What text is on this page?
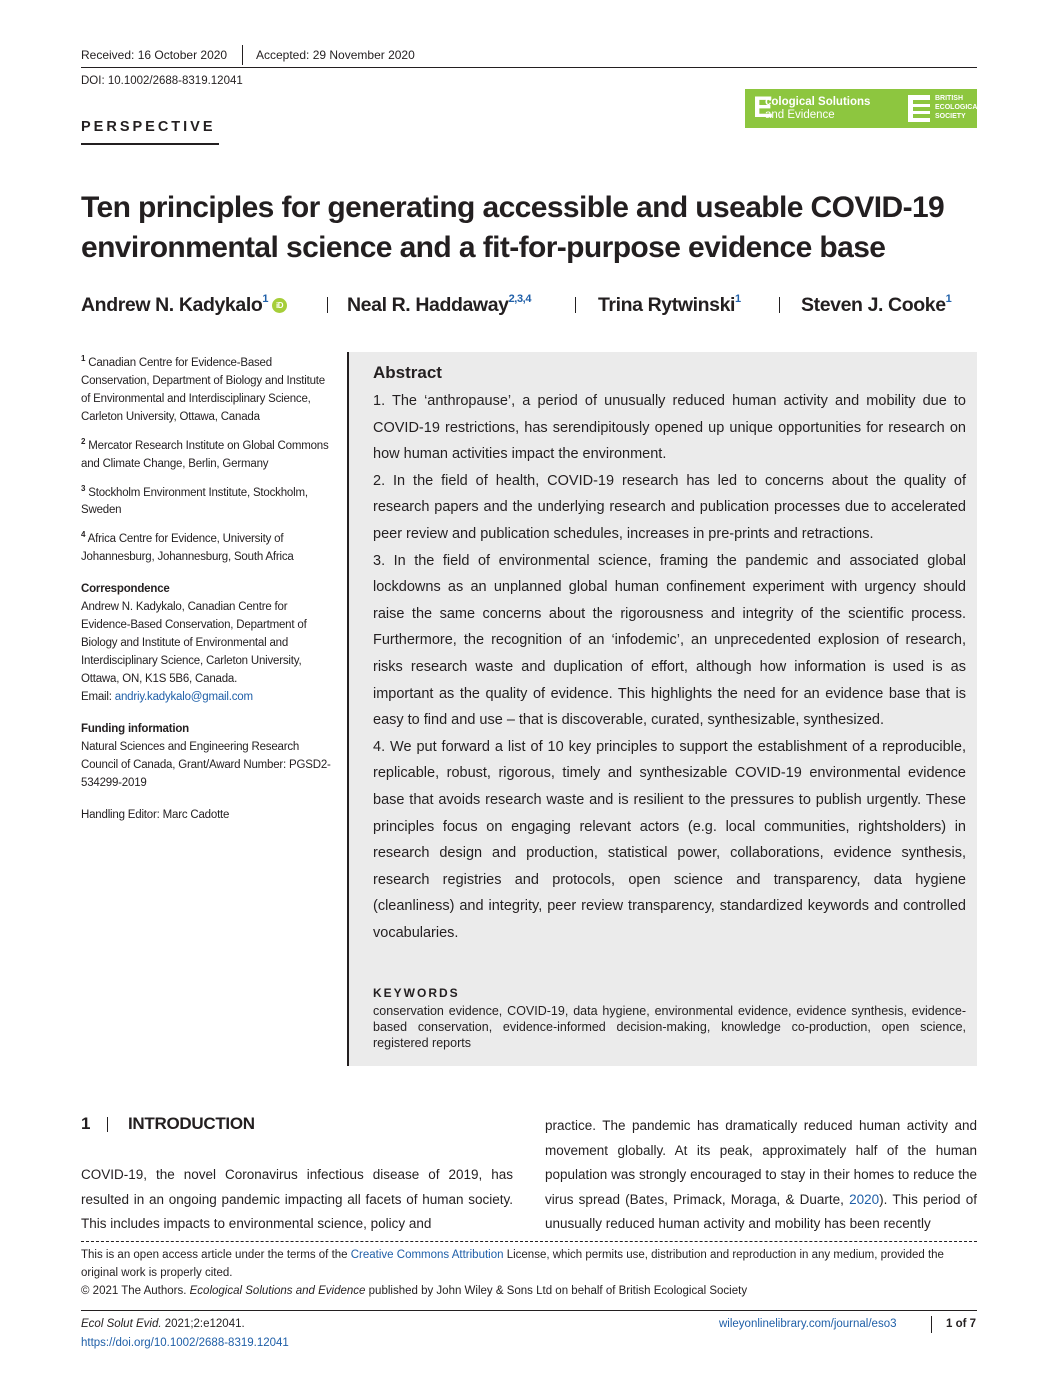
Received: 16 October 2020 Accepted: 29 November 2020
DOI: 10.1002/2688-8319.12041
PERSPECTIVE
E
cological Solutions
and Evidence
BRITISH
ECOLOGICAL
SOCIETY
Ten principles for generating accessible and useable COVID-19
environmental science and a fit-for-purpose evidence base
Andrew N. Kadykalo$^1$iD	Neal R. Haddaway$^{2,3,4}$	Trina Rytwinski$^1$	Steven J. Cooke$^1$

$^1$ Canadian Centre for Evidence-Based Conservation, Department of Biology and Institute of Environmental and Interdisciplinary Science, Carleton University, Ottawa, Canada

$^2$ Mercator Research Institute on Global Commons and Climate Change, Berlin, Germany

$^3$ Stockholm Environment Institute, Stockholm, Sweden

$^4$ Africa Centre for Evidence, University of Johannesburg, Johannesburg, South Africa

Correspondence

Andrew N. Kadykalo, Canadian Centre for Evidence-Based Conservation, Department of Biology and Institute of Environmental and Interdisciplinary Science, Carleton University, Ottawa, ON, K1S 5B6, Canada.

Email: andriy.kadykalo@gmail.com

Funding information

Natural Sciences and Engineering Research Council of Canada, Grant/Award Number: PGSD2-534299-2019

Handling Editor: Marc Cadotte

Abstract

1. The ‘anthropause’, a period of unusually reduced human activity and mobility due to COVID-19 restrictions, has serendipitously opened up unique opportunities for research on how human activities impact the environment.

2. In the field of health, COVID-19 research has led to concerns about the quality of research papers and the underlying research and publication processes due to accelerated peer review and publication schedules, increases in pre-prints and retractions.

3. In the field of environmental science, framing the pandemic and associated global lockdowns as an unplanned global human confinement experiment with urgency should raise the same concerns about the rigorousness and integrity of the scientific process. Furthermore, the recognition of an ‘infodemic’, an unprecedented explosion of research, risks research waste and duplication of effort, although how information is used is as important as the quality of evidence. This highlights the need for an evidence base that is easy to find and use – that is discoverable, curated, synthesizable, synthesized.

4. We put forward a list of 10 key principles to support the establishment of a reproducible, replicable, robust, rigorous, timely and synthesizable COVID-19 environmental evidence base that avoids research waste and is resilient to the pressures to publish urgently. These principles focus on engaging relevant actors (e.g. local communities, rightsholders) in research design and production, statistical power, collaborations, evidence synthesis, research registries and protocols, open science and transparency, data hygiene (cleanliness) and integrity, peer review transparency, standardized keywords and controlled vocabularies.

KEYWORDS
conservation evidence, COVID-19, data hygiene, environmental evidence, evidence synthesis, evidence-based conservation, evidence-informed decision-making, knowledge co-production, open science, registered reports
1 INTRODUCTION

COVID-19, the novel Coronavirus infectious disease of 2019, has resulted in an ongoing pandemic impacting all facets of human society. This includes impacts to environmental science, policy and

practice. The pandemic has dramatically reduced human activity and movement globally. At its peak, approximately half of the human population was strongly encouraged to stay in their homes to reduce the virus spread (Bates, Primack, Moraga, & Duarte, 2020). This period of unusually reduced human activity and mobility has been recently

This is an open access article under the terms of the Creative Commons Attribution License, which permits use, distribution and reproduction in any medium, provided the original work is properly cited.
© 2021 The Authors. Ecological Solutions and Evidence published by John Wiley & Sons Ltd on behalf of British Ecological Society
Ecol Solut Evid. 2021;2:e12041.
https://doi.org/10.1002/2688-8319.12041
wileyonlinelibrary.com/journal/eso3	1 of 7
